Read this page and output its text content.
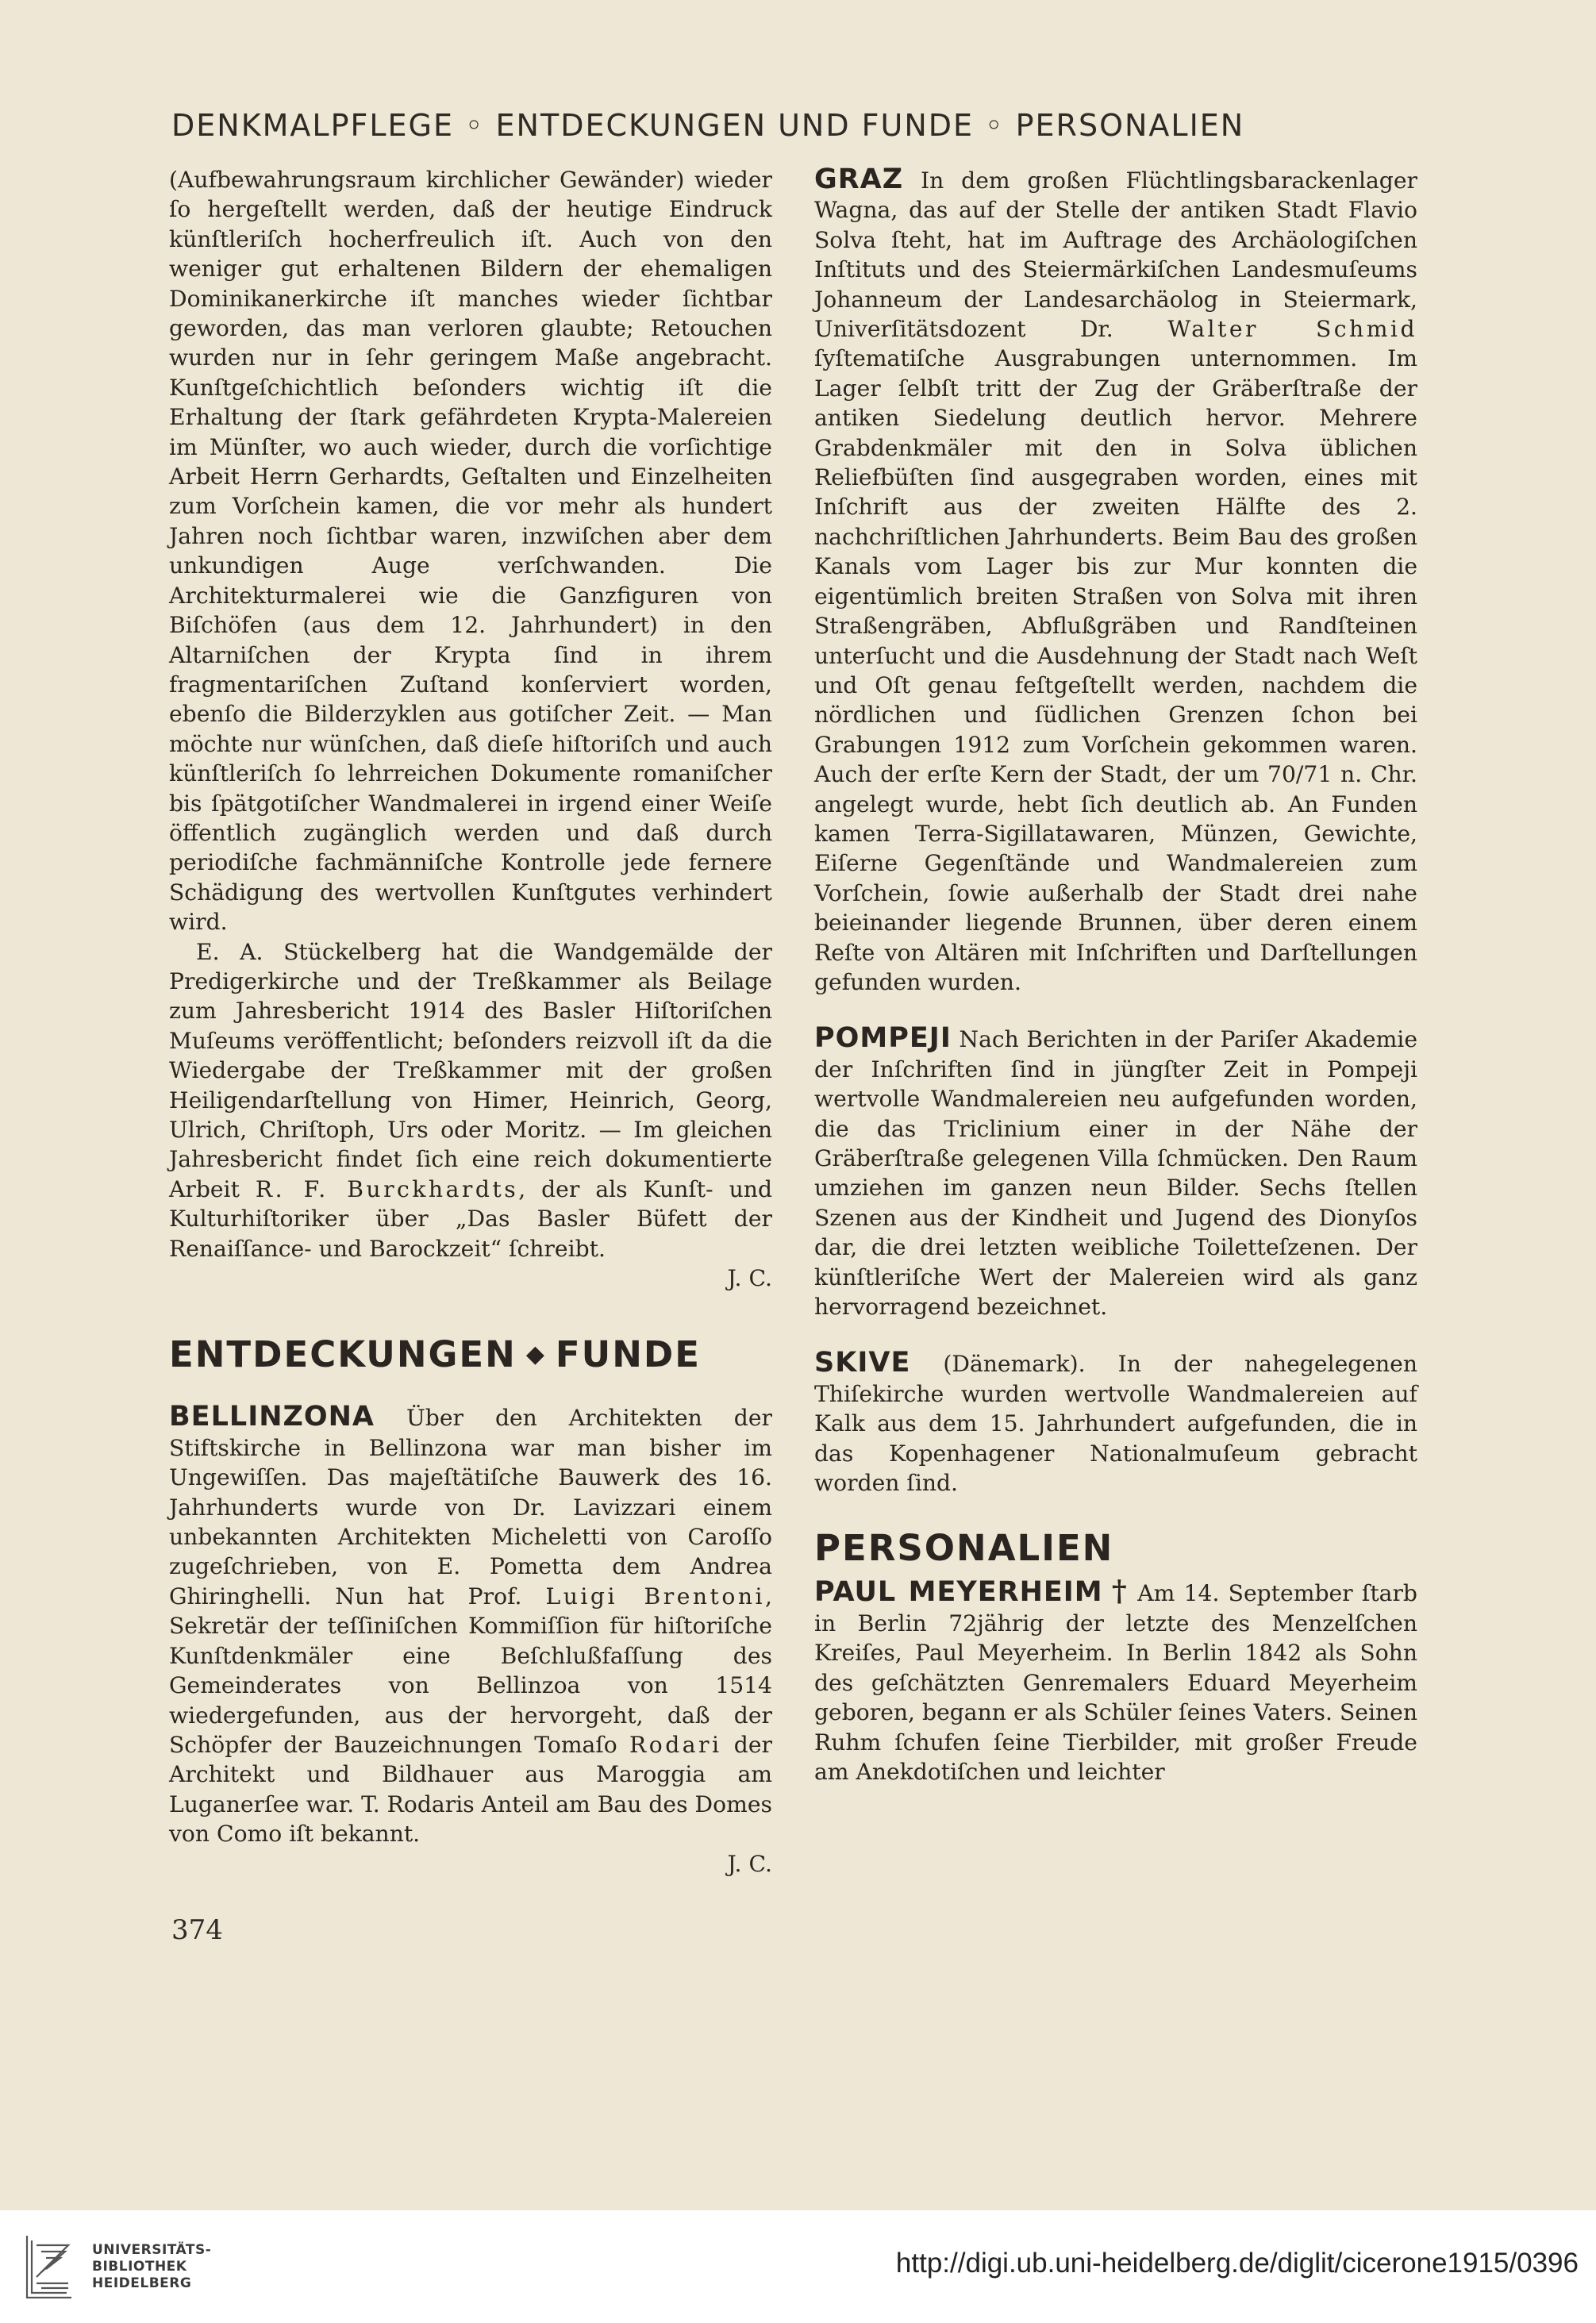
DENKMALPFLEGE ◦ ENTDECKUNGEN UND FUNDE ◦ PERSONALIEN

(Aufbewahrungsraum kirchlicher Gewänder) wieder ſo hergeſtellt werden, daß der heutige Eindruck künſtleriſch hocherfreulich iſt. Auch von den weniger gut erhaltenen Bildern der ehemaligen Dominikanerkirche iſt manches wieder ſichtbar geworden, das man verloren glaubte; Retouchen wurden nur in ſehr geringem Maße angebracht. Kunſtgeſchichtlich beſonders wichtig iſt die Erhaltung der ſtark gefährdeten Krypta-Malereien im Münſter, wo auch wieder, durch die vorſichtige Arbeit Herrn Gerhardts, Geſtalten und Einzelheiten zum Vorſchein kamen, die vor mehr als hundert Jahren noch ſichtbar waren, inzwiſchen aber dem unkundigen Auge verſchwanden. Die Architekturmalerei wie die Ganzfiguren von Biſchöfen (aus dem 12. Jahrhundert) in den Altarniſchen der Krypta ſind in ihrem fragmentariſchen Zuſtand konſerviert worden, ebenſo die Bilderzyklen aus gotiſcher Zeit. — Man möchte nur wünſchen, daß dieſe hiſtoriſch und auch künſtleriſch ſo lehrreichen Dokumente romaniſcher bis ſpätgotiſcher Wandmalerei in irgend einer Weiſe öffentlich zugänglich werden und daß durch periodiſche fachmänniſche Kontrolle jede fernere Schädigung des wertvollen Kunſtgutes verhindert wird.

E. A. Stückelberg hat die Wandgemälde der Predigerkirche und der Treßkammer als Beilage zum Jahresbericht 1914 des Basler Hiſtoriſchen Muſeums veröffentlicht; beſonders reizvoll iſt da die Wiedergabe der Treßkammer mit der großen Heiligendarſtellung von Himer, Heinrich, Georg, Ulrich, Chriſtoph, Urs oder Moritz. — Im gleichen Jahresbericht findet ſich eine reich dokumentierte Arbeit R. F. Burckhardts, der als Kunſt- und Kulturhiſtoriker über „Das Basler Büfett der Renaiſſance- und Barockzeit“ ſchreibt.

J. C.

ENTDECKUNGEN ◆ FUNDE

BELLINZONA Über den Architekten der Stiftskirche in Bellinzona war man bisher im Ungewiſſen. Das majeſtätiſche Bauwerk des 16. Jahrhunderts wurde von Dr. Lavizzari einem unbekannten Architekten Micheletti von Caroſſo zugeſchrieben, von E. Pometta dem Andrea Ghiringhelli. Nun hat Prof. Luigi Brentoni, Sekretär der teſſiniſchen Kommiſſion für hiſtoriſche Kunſtdenkmäler eine Beſchlußfaſſung des Gemeinderates von Bellinzoa von 1514 wiedergefunden, aus der hervorgeht, daß der Schöpfer der Bauzeichnungen Tomaſo Rodari der Architekt und Bildhauer aus Maroggia am Luganerſee war. T. Rodaris Anteil am Bau des Domes von Como iſt bekannt.

J. C.

GRAZ In dem großen Flüchtlingsbarackenlager Wagna, das auf der Stelle der antiken Stadt Flavio Solva ſteht, hat im Auftrage des Archäologiſchen Inſtituts und des Steiermärkiſchen Landesmuſeums Johanneum der Landesarchäolog in Steiermark, Univerſitätsdozent Dr. Walter Schmid ſyſtematiſche Ausgrabungen unternommen. Im Lager ſelbſt tritt der Zug der Gräberſtraße der antiken Siedelung deutlich hervor. Mehrere Grabdenkmäler mit den in Solva üblichen Reliefbüſten ſind ausgegraben worden, eines mit Inſchrift aus der zweiten Hälfte des 2. nachchriſtlichen Jahrhunderts. Beim Bau des großen Kanals vom Lager bis zur Mur konnten die eigentümlich breiten Straßen von Solva mit ihren Straßengräben, Abflußgräben und Randſteinen unterſucht und die Ausdehnung der Stadt nach Weſt und Oſt genau feſtgeſtellt werden, nachdem die nördlichen und ſüdlichen Grenzen ſchon bei Grabungen 1912 zum Vorſchein gekommen waren. Auch der erſte Kern der Stadt, der um 70/71 n. Chr. angelegt wurde, hebt ſich deutlich ab. An Funden kamen Terra-Sigillatawaren, Münzen, Gewichte, Eiſerne Gegenſtände und Wandmalereien zum Vorſchein, ſowie außerhalb der Stadt drei nahe beieinander liegende Brunnen, über deren einem Reſte von Altären mit Inſchriften und Darſtellungen gefunden wurden.

POMPEJI Nach Berichten in der Pariſer Akademie der Inſchriften ſind in jüngſter Zeit in Pompeji wertvolle Wandmalereien neu aufgefunden worden, die das Triclinium einer in der Nähe der Gräberſtraße gelegenen Villa ſchmücken. Den Raum umziehen im ganzen neun Bilder. Sechs ſtellen Szenen aus der Kindheit und Jugend des Dionyſos dar, die drei letzten weibliche Toiletteſzenen. Der künſtleriſche Wert der Malereien wird als ganz hervorragend bezeichnet.

SKIVE (Dänemark). In der nahegelegenen Thiſekirche wurden wertvolle Wandmalereien auf Kalk aus dem 15. Jahrhundert aufgefunden, die in das Kopenhagener Nationalmuſeum gebracht worden ſind.

PERSONALIEN

PAUL MEYERHEIM † Am 14. September ſtarb in Berlin 72jährig der letzte des Menzelſchen Kreiſes, Paul Meyerheim. In Berlin 1842 als Sohn des geſchätzten Genremalers Eduard Meyerheim geboren, begann er als Schüler ſeines Vaters. Seinen Ruhm ſchufen ſeine Tierbilder, mit großer Freude am Anekdotiſchen und leichter

374
UNIVERSITÄTS-
BIBLIOTHEK
HEIDELBERG
http://digi.ub.uni-heidelberg.de/diglit/cicerone1915/0396
